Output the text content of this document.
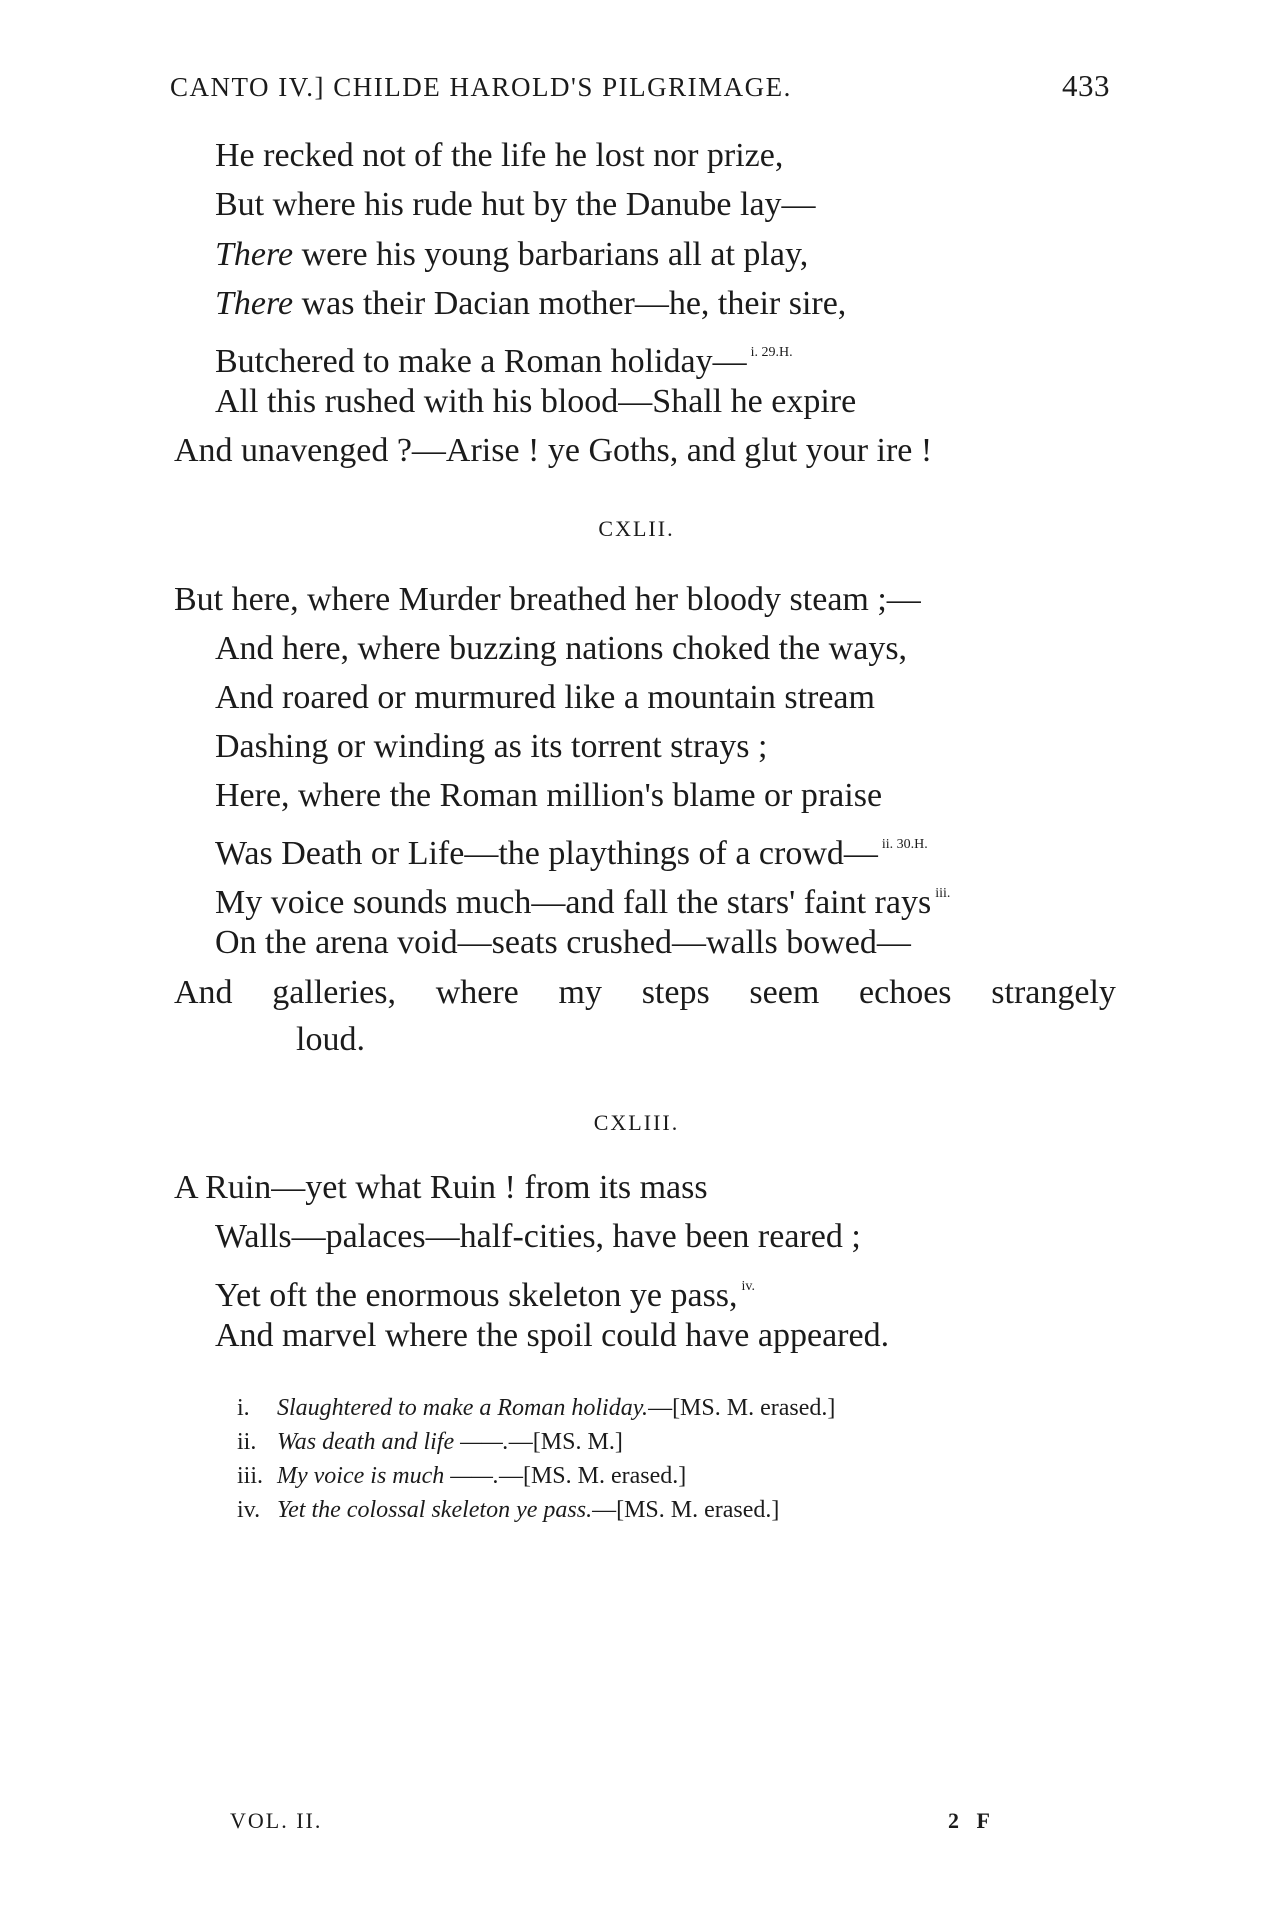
CANTO IV.] CHILDE HAROLD'S PILGRIMAGE.	433
He recked not of the life he lost nor prize,
But where his rude hut by the Danube lay—
There were his young barbarians all at play,
There was their Dacian mother—he, their sire,
Butchered to make a Roman holiday— $^{i. 29.H.}$
All this rushed with his blood—Shall he expire
And unavenged ?—Arise ! ye Goths, and glut your ire !
CXLII.
But here, where Murder breathed her bloody steam ;—
And here, where buzzing nations choked the ways,
And roared or murmured like a mountain stream
Dashing or winding as its torrent strays ;
Here, where the Roman million's blame or praise
Was Death or Life—the playthings of a crowd— $^{ii. 30.H.}$
My voice sounds much—and fall the stars' faint rays $^{iii.}$
On the arena void—seats crushed—walls bowed—
And galleries, where my steps seem echoes strangely
loud.
CXLIII.
A Ruin—yet what Ruin ! from its mass
Walls—palaces—half-cities, have been reared ;
Yet oft the enormous skeleton ye pass, $^{iv.}$
And marvel where the spoil could have appeared.
i. Slaughtered to make a Roman holiday.—[MS. M. erased.]
ii. Was death and life ——.—[MS. M.]
iii. My voice is much ——.—[MS. M. erased.]
iv. Yet the colossal skeleton ye pass.—[MS. M. erased.]
VOL. II.	2 F
